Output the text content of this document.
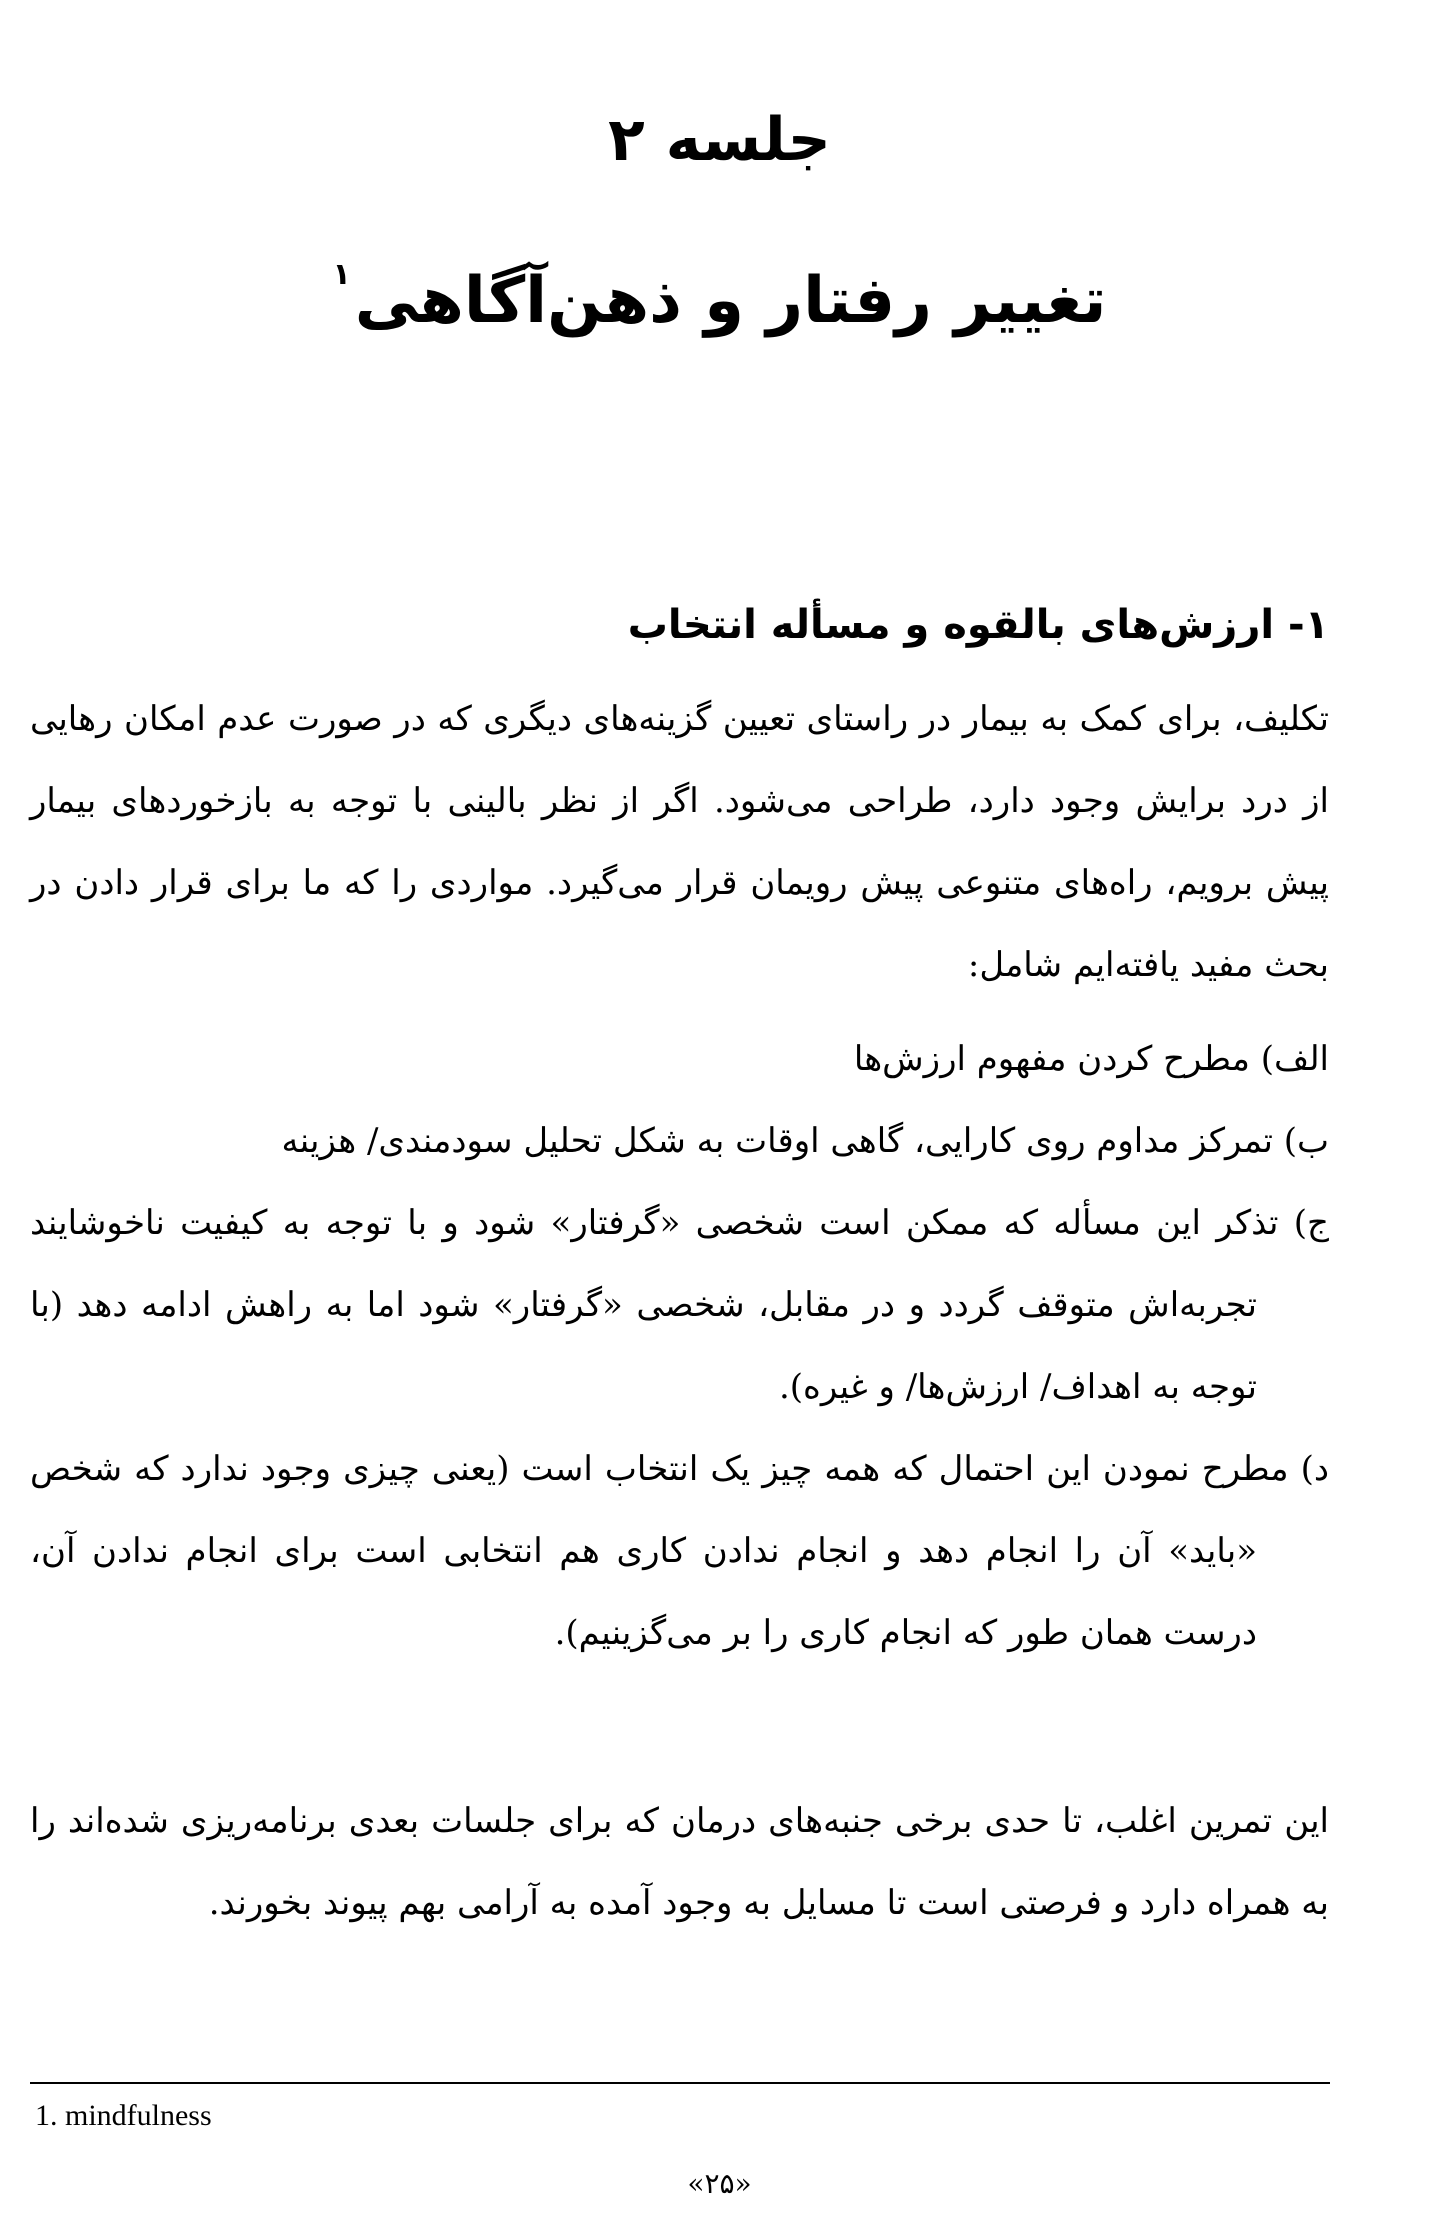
جلسه ۲
تغییر رفتار و ذهن‌آگاهی$^۱$
۱- ارزش‌های بالقوه و مسأله انتخاب

تکلیف، برای کمک به بیمار در راستای تعیین گزینه‌های دیگری که در صورت عدم امکان رهایی از درد برایش وجود دارد، طراحی می‌شود. اگر از نظر بالینی با توجه به بازخوردهای بیمار پیش برویم، راه‌های متنوعی پیش رویمان قرار می‌گیرد. مواردی را که ما برای قرار دادن در بحث مفید یافته‌ایم شامل:

الف) مطرح کردن مفهوم ارزش‌ها
ب) تمرکز مداوم روی کارایی، گاهی اوقات به شکل تحلیل سودمندی/ هزینه
ج) تذکر این مسأله که ممکن است شخصی «گرفتار» شود و با توجه به کیفیت ناخوشایند تجربه‌اش متوقف گردد و در مقابل، شخصی «گرفتار» شود اما به راهش ادامه دهد (با توجه به اهداف/ ارزش‌ها/ و غیره).
د) مطرح نمودن این احتمال که همه چیز یک انتخاب است (یعنی چیزی وجود ندارد که شخص «باید» آن را انجام دهد و انجام ندادن کاری هم انتخابی است برای انجام ندادن آن، درست همان طور که انجام کاری را بر می‌گزینیم).

این تمرین اغلب، تا حدی برخی جنبه‌های درمان که برای جلسات بعدی برنامه‌ریزی شده‌اند را به همراه دارد و فرصتی است تا مسایل به وجود آمده به آرامی بهم پیوند بخورند.

1. mindfulness
«۲۵»
